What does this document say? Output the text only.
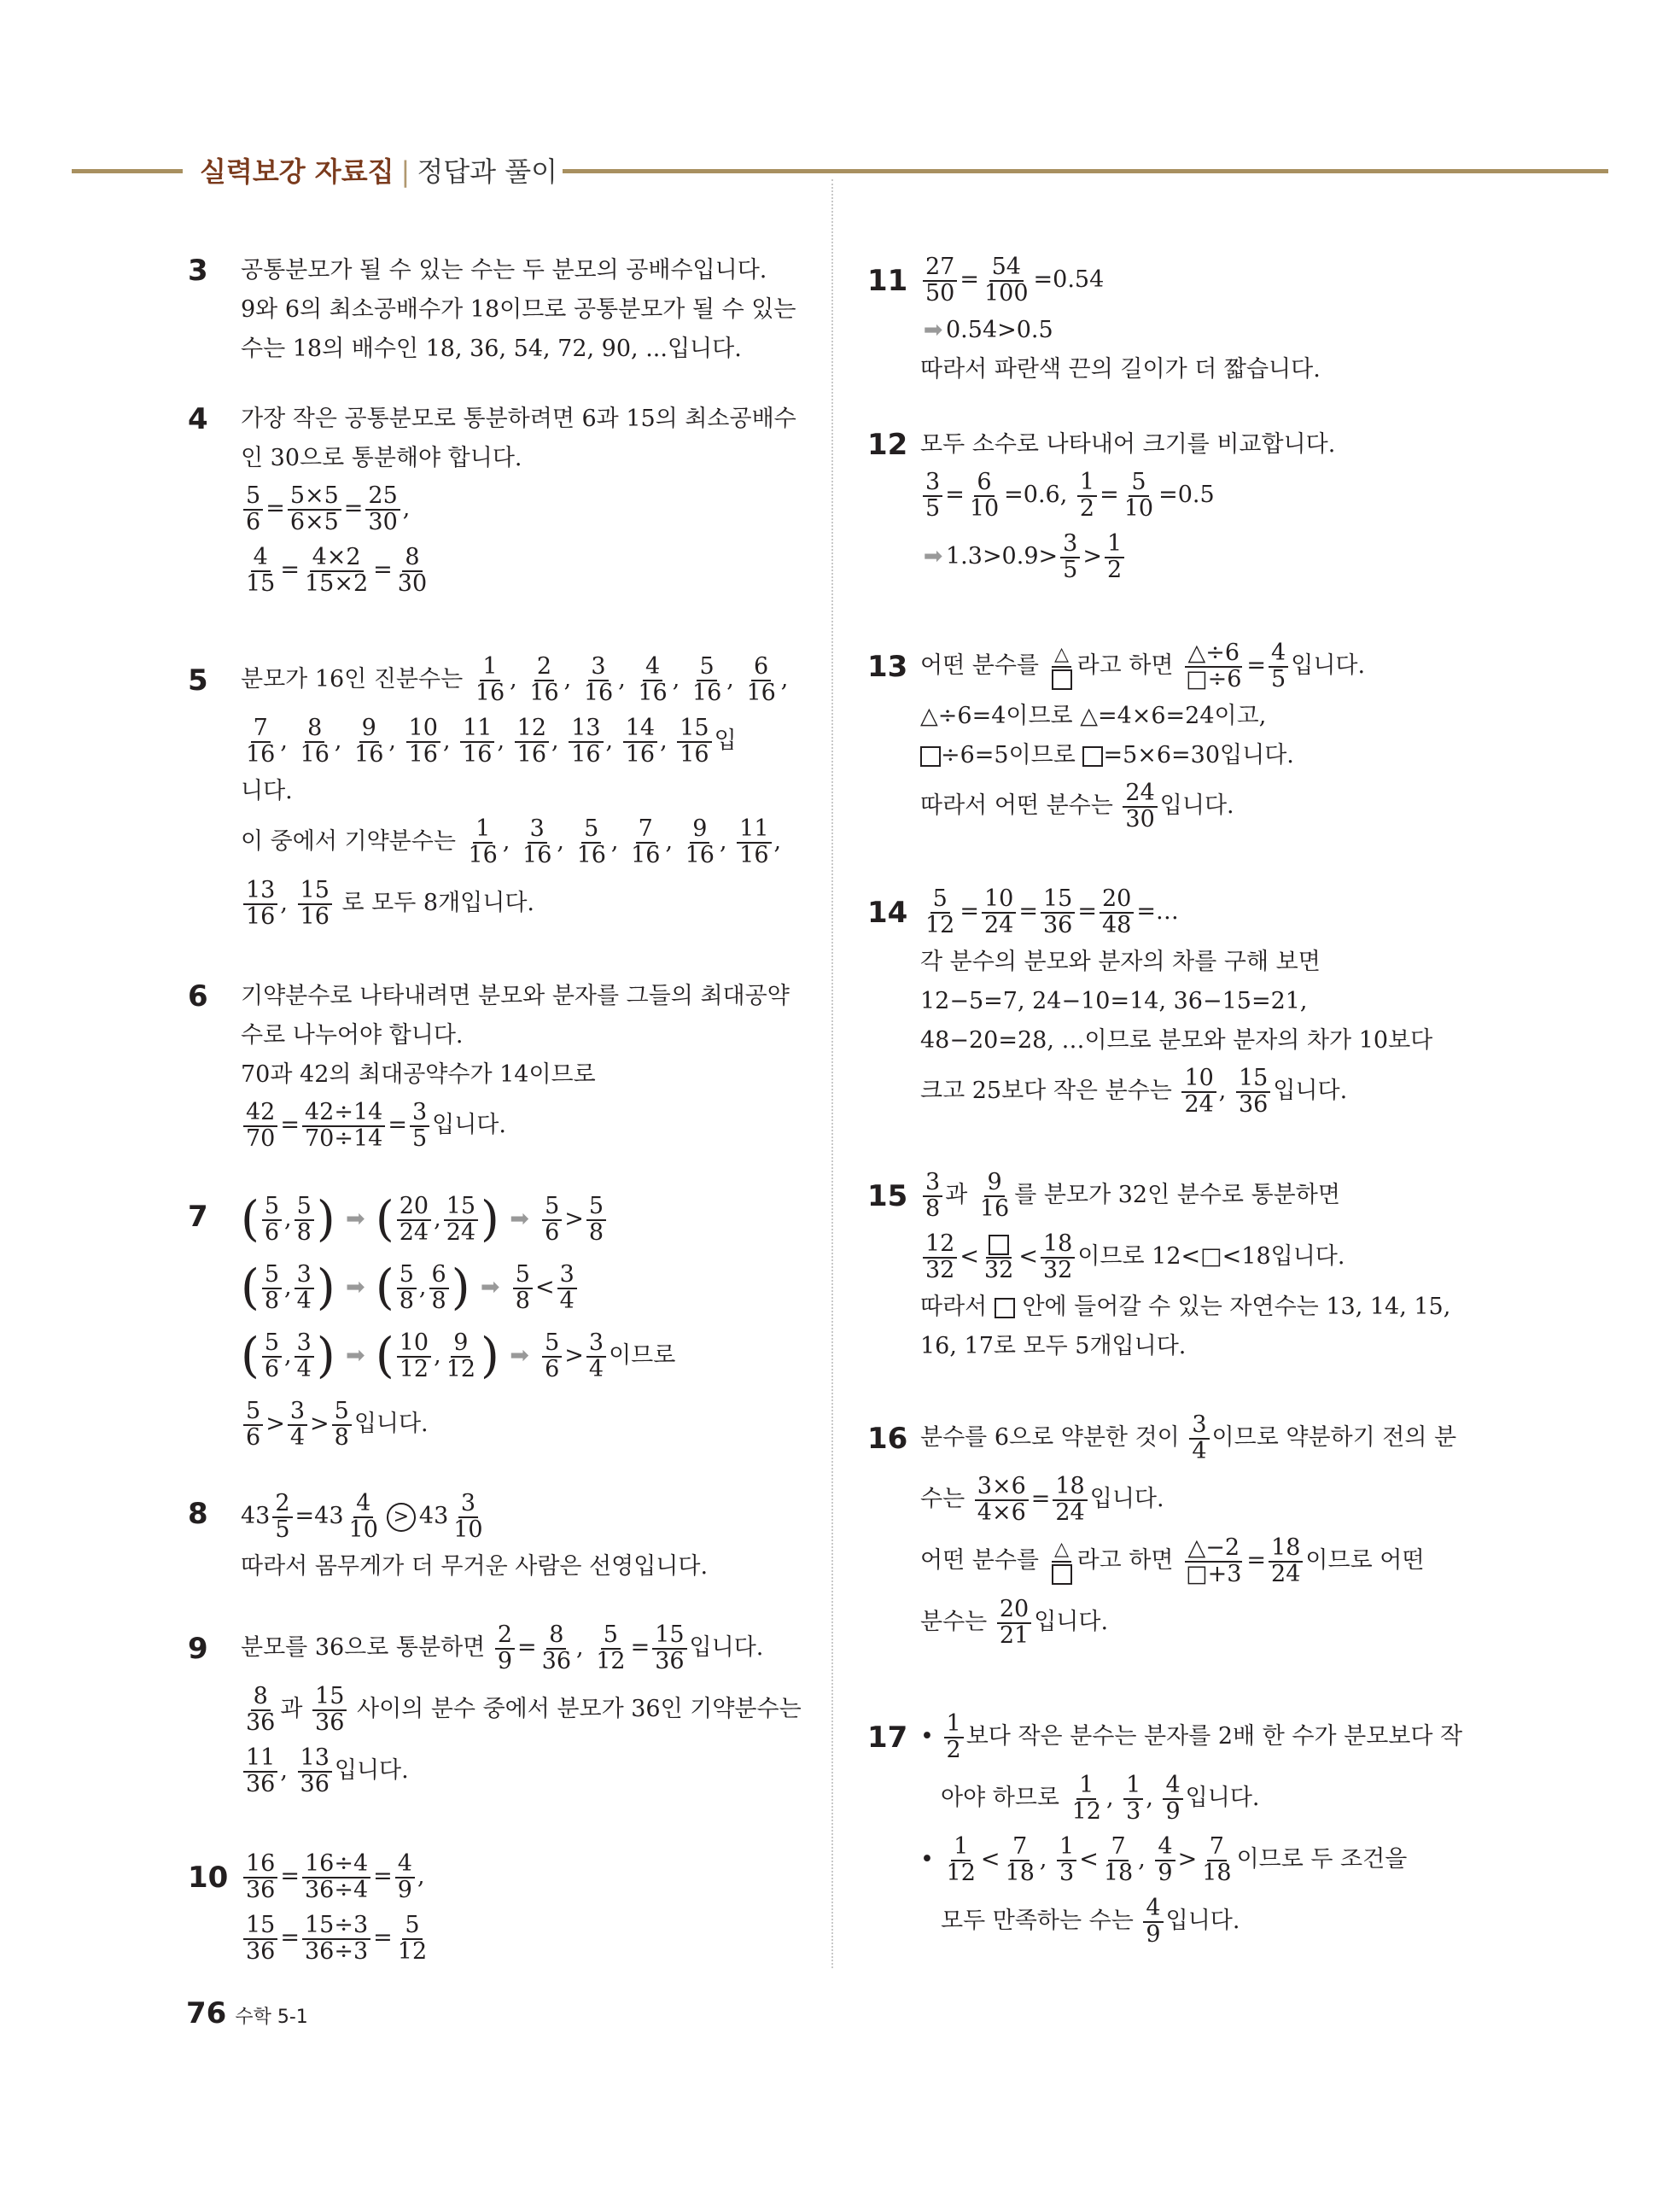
실력보강 자료집 | 정답과 풀이
3 공통분모가 될 수 있는 수는 두 분모의 공배수입니다.
9와 6의 최소공배수가 18이므로 공통분모가 될 수 있는
수는 18의 배수인 18, 36, 54, 72, 90, ...입니다.
4 가장 작은 공통분모로 통분하려면 6과 15의 최소공배수
인 30으로 통분해야 합니다.
$\frac{5}{6} = \frac{5\times 5}{6\times 5} = \frac{25}{30}$ ,
$\frac{4}{15} = \frac{4\times 2}{15\times 2} = \frac{8}{30}$
5 분모가 16인 진분수는 $\frac{1}{16}$ , $\frac{2}{16}$ , $\frac{3}{16}$ , $\frac{4}{16}$ , $\frac{5}{16}$ , $\frac{6}{16}$ ,
$\frac{7}{16}$ , $\frac{8}{16}$ , $\frac{9}{16}$ , $\frac{10}{16}$ , $\frac{11}{16}$ , $\frac{12}{16}$ , $\frac{13}{16}$ , $\frac{14}{16}$ , $\frac{15}{16}$ 입
니다.
이 중에서 기약분수는 $\frac{1}{16}$ , $\frac{3}{16}$ , $\frac{5}{16}$ , $\frac{7}{16}$ , $\frac{9}{16}$ , $\frac{11}{16}$ ,
$\frac{13}{16}$ , $\frac{15}{16}$ 로 모두 8개입니다.
6 기약분수로 나타내려면 분모와 분자를 그들의 최대공약
수로 나누어야 합니다.
70과 42의 최대공약수가 14이므로
$\frac{42}{70} = \frac{42\div 14}{70\div 14} = \frac{3}{5}$ 입니다.
7 ( $\frac{5}{6}$ , $\frac{5}{8}$ ) ➡ ( $\frac{20}{24}$ , $\frac{15}{24}$ ) ➡ $\frac{5}{6} > \frac{5}{8}$
( $\frac{5}{8}$ , $\frac{3}{4}$ ) ➡ ( $\frac{5}{8}$ , $\frac{6}{8}$ ) ➡ $\frac{5}{8} < \frac{3}{4}$
( $\frac{5}{6}$ , $\frac{3}{4}$ ) ➡ ( $\frac{10}{12}$ , $\frac{9}{12}$ ) ➡ $\frac{5}{6} > \frac{3}{4}$ 이므로
$\frac{5}{6} > \frac{3}{4} > \frac{5}{8}$ 입니다.
8 $43 \frac{2}{5} =43 \frac{4}{10} > 43 \frac{3}{10}$
따라서 몸무게가 더 무거운 사람은 선영입니다.
9 분모를 36으로 통분하면 $\frac{2}{9} = \frac{8}{36}$ , $\frac{5}{12} = \frac{15}{36}$ 입니다.
$\frac{8}{36}$ 과 $\frac{15}{36}$ 사이의 분수 중에서 분모가 36인 기약분수는
$\frac{11}{36}$ , $\frac{13}{36}$ 입니다.
$10 \frac{16}{36} = \frac{16\div 4}{36\div 4} = \frac{4}{9}$ ,
$\frac{15}{36} = \frac{15\div 3}{36\div 3} = \frac{5}{12}$
$11 \frac{27}{50} = \frac{54}{100} =0.54$
➡ 0.54>0.5
따라서 파란색 끈의 길이가 더 짧습니다.
12 모두 소수로 나타내어 크기를 비교합니다.
$\frac{3}{5} = \frac{6}{10} =0.6$, $\frac{1}{2} = \frac{5}{10} =0.5$
➡ $1.3>0.9> \frac{3}{5} > \frac{1}{2}$
13 어떤 분수를 △ 라고 하면 $\frac{\triangle\div 6}{□\div 6} = \frac{4}{5}$ 입니다.
△÷6=4이므로 △=4×6=24이고,
÷6=5이므로 =5×6=30입니다.
따라서 어떤 분수는 $\frac{24}{30}$ 입니다.
$14 \frac{5}{12} = \frac{10}{24} = \frac{15}{36} = \frac{20}{48}$ =…
각 분수의 분모와 분자의 차를 구해 보면
12−5=7, 24−10=14, 36−15=21,
48−20=28, …이므로 분모와 분자의 차가 10보다
크고 25보다 작은 분수는 $\frac{10}{24}$ , $\frac{15}{36}$ 입니다.
$15 \frac{3}{8}$ 과 $\frac{9}{16}$ 를 분모가 32인 분수로 통분하면
$\frac{12}{32} < 32 < \frac{18}{32}$ 이므로 12<□<18입니다.
따라서 안에 들어갈 수 있는 자연수는 13, 14, 15,
16, 17로 모두 5개입니다.
16 분수를 6으로 약분한 것이 $\frac{3}{4}$ 이므로 약분하기 전의 분
수는 $\frac{3\times 6}{4\times 6} = \frac{18}{24}$ 입니다.
어떤 분수를 △ 라고 하면 $\frac{\triangle-2}{□+3} = \frac{18}{24}$ 이므로 어떤
분수는 $\frac{20}{21}$ 입니다.
17 • $\frac{1}{2}$ 보다 작은 분수는 분자를 2배 한 수가 분모보다 작
아야 하므로 $\frac{1}{12}$ , $\frac{1}{3}$ , $\frac{4}{9}$ 입니다.
• $\frac{1}{12} < \frac{7}{18}$ , $\frac{1}{3} < \frac{7}{18}$ , $\frac{4}{9} > \frac{7}{18}$ 이므로 두 조건을
모두 만족하는 수는 $\frac{4}{9}$ 입니다.
76 수학 5-1
